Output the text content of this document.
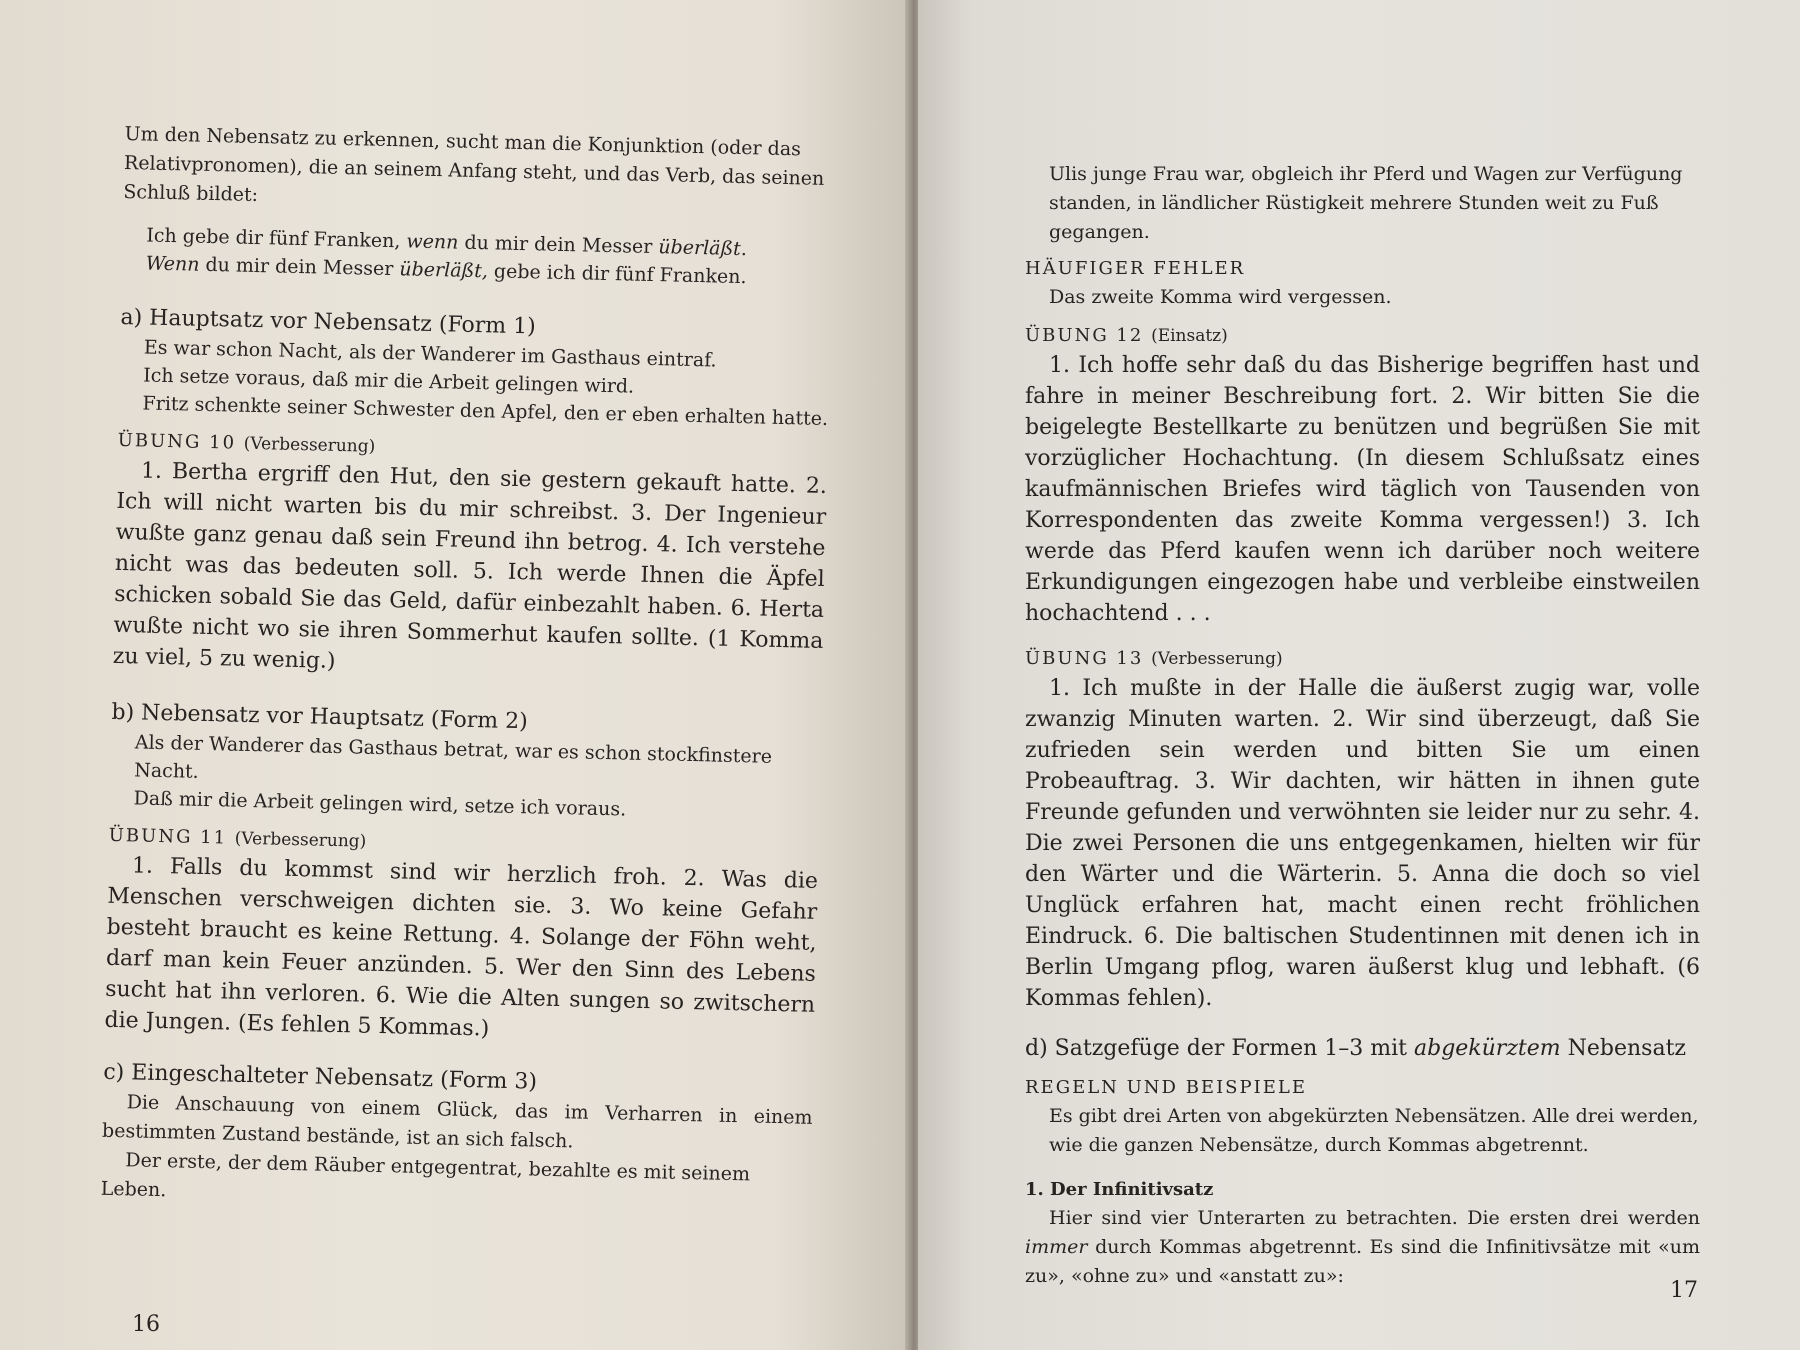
Um den Nebensatz zu erkennen, sucht man die Konjunktion (oder das Relativpronomen), die an seinem Anfang steht, und das Verb, das seinen Schluß bildet:

Ich gebe dir fünf Franken, wenn du mir dein Messer überläßt.

Wenn du mir dein Messer überläßt, gebe ich dir fünf Franken.

a) Hauptsatz vor Nebensatz (Form 1)

Es war schon Nacht, als der Wanderer im Gasthaus eintraf.

Ich setze voraus, daß mir die Arbeit gelingen wird.

Fritz schenkte seiner Schwester den Apfel, den er eben erhalten hatte.

ÜBUNG 10 (Verbesserung)

1. Bertha ergriff den Hut, den sie gestern gekauft hatte. 2. Ich will nicht warten bis du mir schreibst. 3. Der Ingenieur wußte ganz genau daß sein Freund ihn betrog. 4. Ich verstehe nicht was das bedeuten soll. 5. Ich werde Ihnen die Äpfel schicken sobald Sie das Geld, dafür einbezahlt haben. 6. Herta wußte nicht wo sie ihren Sommerhut kaufen sollte. (1 Komma zu viel, 5 zu wenig.)

b) Nebensatz vor Hauptsatz (Form 2)

Als der Wanderer das Gasthaus betrat, war es schon stockfinstere Nacht.

Daß mir die Arbeit gelingen wird, setze ich voraus.

ÜBUNG 11 (Verbesserung)

1. Falls du kommst sind wir herzlich froh. 2. Was die Menschen verschweigen dichten sie. 3. Wo keine Gefahr besteht braucht es keine Rettung. 4. Solange der Föhn weht, darf man kein Feuer anzünden. 5. Wer den Sinn des Lebens sucht hat ihn verloren. 6. Wie die Alten sungen so zwitschern die Jungen. (Es fehlen 5 Kommas.)

c) Eingeschalteter Nebensatz (Form 3)

Die Anschauung von einem Glück, das im Verharren in einem bestimmten Zustand bestände, ist an sich falsch.

Der erste, der dem Räuber entgegentrat, bezahlte es mit seinem Leben.

16

Ulis junge Frau war, obgleich ihr Pferd und Wagen zur Verfügung standen, in ländlicher Rüstigkeit mehrere Stunden weit zu Fuß gegangen.

HÄUFIGER FEHLER

Das zweite Komma wird vergessen.

ÜBUNG 12 (Einsatz)

1. Ich hoffe sehr daß du das Bisherige begriffen hast und fahre in meiner Beschreibung fort. 2. Wir bitten Sie die beigelegte Bestellkarte zu benützen und begrüßen Sie mit vorzüglicher Hochachtung. (In diesem Schlußsatz eines kaufmännischen Briefes wird täglich von Tausenden von Korrespondenten das zweite Komma vergessen!) 3. Ich werde das Pferd kaufen wenn ich darüber noch weitere Erkundigungen eingezogen habe und verbleibe einstweilen hochachtend . . .

ÜBUNG 13 (Verbesserung)

1. Ich mußte in der Halle die äußerst zugig war, volle zwanzig Minuten warten. 2. Wir sind überzeugt, daß Sie zufrieden sein werden und bitten Sie um einen Probeauftrag. 3. Wir dachten, wir hätten in ihnen gute Freunde gefunden und verwöhnten sie leider nur zu sehr. 4. Die zwei Personen die uns entgegenkamen, hielten wir für den Wärter und die Wärterin. 5. Anna die doch so viel Unglück erfahren hat, macht einen recht fröhlichen Eindruck. 6. Die baltischen Studentinnen mit denen ich in Berlin Umgang pflog, waren äußerst klug und lebhaft. (6 Kommas fehlen).

d) Satzgefüge der Formen 1–3 mit abgekürztem Nebensatz

REGELN UND BEISPIELE

Es gibt drei Arten von abgekürzten Nebensätzen. Alle drei werden, wie die ganzen Nebensätze, durch Kommas abgetrennt.

1. Der Infinitivsatz

Hier sind vier Unterarten zu betrachten. Die ersten drei werden immer durch Kommas abgetrennt. Es sind die Infinitivsätze mit «um zu», «ohne zu» und «anstatt zu»:

17
